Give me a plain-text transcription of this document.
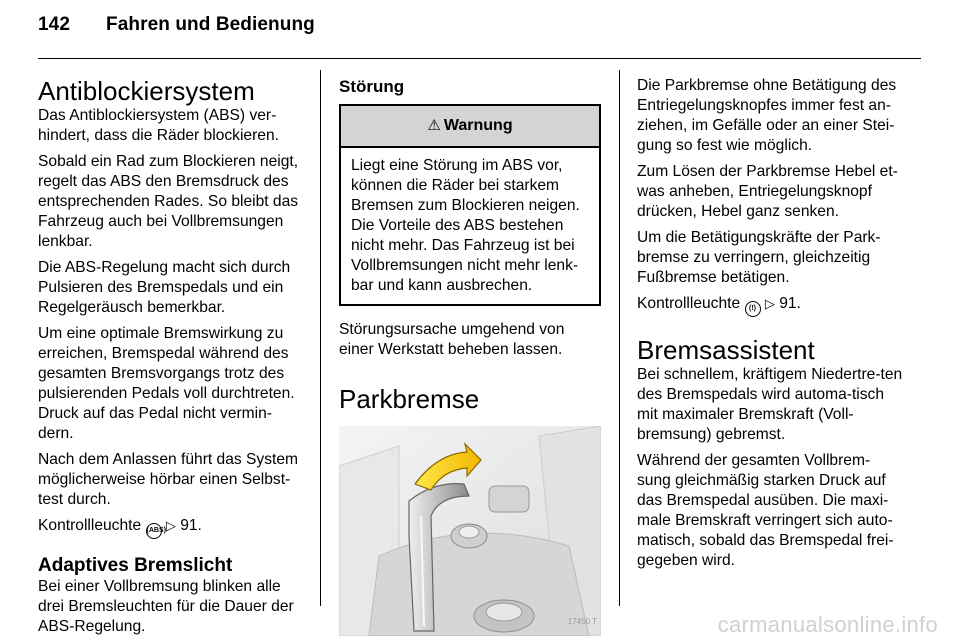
142 Fahren und Bedienung
Antiblockiersystem

Das Antiblockiersystem (ABS) ver- hindert, dass die Räder blockieren.

Sobald ein Rad zum Blockieren neigt, regelt das ABS den Bremsdruck des entsprechenden Rades. So bleibt das Fahrzeug auch bei Vollbremsungen lenkbar.

Die ABS-Regelung macht sich durch Pulsieren des Bremspedals und ein Regelgeräusch bemerkbar.

Um eine optimale Bremswirkung zu erreichen, Bremspedal während des gesamten Bremsvorgangs trotz des pulsierenden Pedals voll durchtreten. Druck auf das Pedal nicht vermin-dern.

Nach dem Anlassen führt das System möglicherweise hörbar einen Selbst-test durch.

Kontrollleuchte (ABS) ▷ 91.

Adaptives Bremslicht

Bei einer Vollbremsung blinken alle drei Bremsleuchten für die Dauer der ABS-Regelung.

Störung
⚠ Warnung
Liegt eine Störung im ABS vor, können die Räder bei starkem Bremsen zum Blockieren neigen. Die Vorteile des ABS bestehen nicht mehr. Das Fahrzeug ist bei Vollbremsungen nicht mehr lenk-bar und kann ausbrechen.

Störungsursache umgehend von einer Werkstatt beheben lassen.

Parkbremse
17450 T

Die Parkbremse ohne Betätigung des Entriegelungsknopfes immer fest an-ziehen, im Gefälle oder an einer Stei-gung so fest wie möglich.

Zum Lösen der Parkbremse Hebel et-was anheben, Entriegelungsknopf drücken, Hebel ganz senken.

Um die Betätigungskräfte der Park-bremse zu verringern, gleichzeitig Fußbremse betätigen.

Kontrollleuchte (!) ▷ 91.

Bremsassistent

Bei schnellem, kräftigem Niedertre-ten des Bremspedals wird automa-tisch mit maximaler Bremskraft (Voll-bremsung) gebremst.

Während der gesamten Vollbrem-sung gleichmäßig starken Druck auf das Bremspedal ausüben. Die maxi-male Bremskraft verringert sich auto-matisch, sobald das Bremspedal frei-gegeben wird.

carmanualsonline.info
